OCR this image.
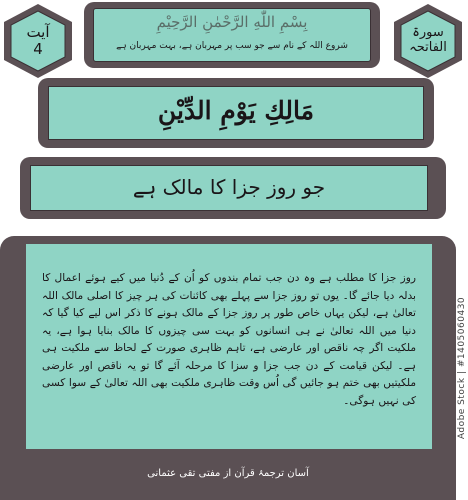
آیت
4
سورۃ
الفاتحہ
بِسْمِ اللّٰهِ الرَّحْمٰنِ الرَّحِيْمِ
شروع اللہ کے نام سے جو سب پر مہربان ہے، بہت مہربان ہے
مَالِكِ يَوْمِ الدِّيْنِ
جو روز جزا کا مالک ہے

روز جزا کا مطلب ہے وہ دن جب تمام بندوں کو اُن کے دُنیا میں کیے ہوئے اعمال کا بدلہ دیا جائے گا۔ یوں تو روز جزا سے پہلے بھی کائنات کی ہر چیز کا اصلی مالک اللہ تعالیٰ ہے، لیکن یہاں خاص طور پر روز جزا کے مالک ہونے کا ذکر اس لیے کیا گیا کہ دنیا میں اللہ تعالیٰ نے ہی انسانوں کو بہت سی چیزوں کا مالک بنایا ہوا ہے، یہ ملکیت اگر چہ ناقص اور عارضی ہے، تاہم ظاہری صورت کے لحاظ سے ملکیت ہی ہے۔ لیکن قیامت کے دن جب جزا و سزا کا مرحلہ آئے گا تو یہ ناقص اور عارضی ملکیتیں بھی ختم ہو جائیں گی اُس وقت ظاہری ملکیت بھی اللہ تعالیٰ کے سوا کسی کی نہیں ہوگی۔

آسان ترجمۂ قرآن از مفتی تقی عثمانی
Adobe Stock | #1405060430
